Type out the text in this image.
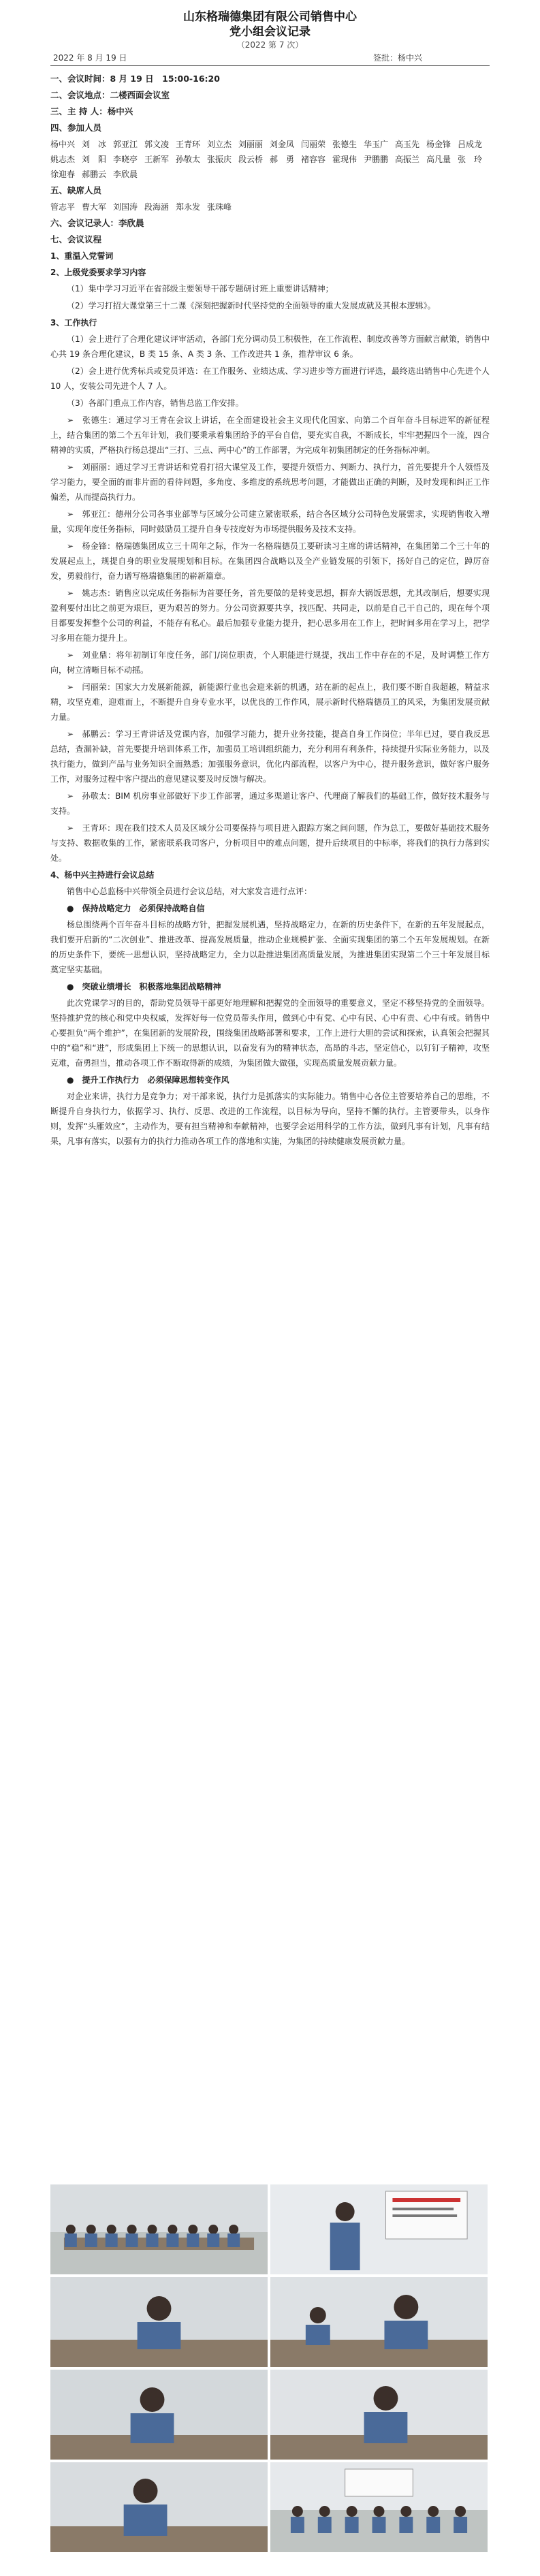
山东格瑞德集团有限公司销售中心
党小组会议记录
（2022 第 7 次）
2022 年 8 月 19 日	签批：杨中兴
一、会议时间：8 月 19 日　15:00-16:20
二、会议地点：二楼西面会议室
三、主 持 人：杨中兴
四、参加人员
杨中兴 刘　冰 郭亚江 郭文凌 王青环 刘立杰 刘丽丽 刘金凤 闫丽荣 张德生 华玉广 高玉先 杨金锋 吕成龙
姚志杰 刘　阳 李晓亭 王新军 孙敬太 张振庆 段云桥 郝　勇 褚容容 霍现伟 尹鹏鹏 高振兰 高凡量 张　玲
徐迎春 郝鹏云 李欣晨
五、缺席人员
管志平 曹大军 刘国涛 段海涵 郑永发 张珠峰
六、会议记录人：李欣晨
七、会议议程
1、重温入党誓词
2、上级党委要求学习内容

（1）集中学习习近平在省部级主要领导干部专题研讨班上重要讲话精神；

（2）学习打招大课堂第三十二课《深刻把握新时代坚持党的全面领导的重大发展成就及其根本逻辑》。

3、工作执行

（1）会上进行了合理化建议评审活动，各部门充分调动员工积极性，在工作流程、制度改善等方面献言献策，销售中心共 19 条合理化建议，B 类 15 条、A 类 3 条、工作改进共 1 条，推荐审议 6 条。

（2）会上进行优秀标兵或党员评选：在工作服务、业绩达成、学习进步等方面进行评选，最终选出销售中心先进个人 10 人，安装公司先进个人 7 人。

（3）各部门重点工作内容，销售总监工作安排。

➢　张德生：通过学习王青在会议上讲话，在全面建设社会主义现代化国家、向第二个百年奋斗目标进军的新征程上，结合集团的第二个五年计划，我们要秉承着集团给予的平台自信，要充实自我，不断成长，牢牢把握四个一流，四合精神的实质，严格执行杨总提出“三打、三点、两中心”的工作部署，为完成年初集团制定的任务指标冲刺。

➢　刘丽丽：通过学习王青讲话和党看打招大课堂及工作，要提升领悟力、判断力、执行力，首先要提升个人领悟及学习能力，要全面的而非片面的看待问题，多角度、多维度的系统思考问题，才能做出正确的判断，及时发现和纠正工作偏差，从而提高执行力。

➢　郭亚江：德州分公司各事业部等与区域分公司建立紧密联系，结合各区域分公司特色发展需求，实现销售收入增量，实现年度任务指标，同时鼓励员工提升自身专技度好为市场提供服务及技术支持。

➢　杨金锋：格瑞德集团成立三十周年之际，作为一名格瑞德员工要研读习主席的讲话精神，在集团第二个三十年的发展起点上，规提自身的职业发展规划和目标。在集团四合战略以及全产业链发展的引领下，扬好自己的定位，踔厉奋发，勇毅前行，奋力谱写格瑞德集团的崭新篇章。

➢　姚志杰：销售应以完成任务指标为首要任务，首先要做的是转变思想，摒弃大锅饭思想，尤其改制后，想要实现盈利要付出比之前更为艰巨，更为艰苦的努力。分公司资源要共享，找匹配、共同走，以前是自己干自己的，现在每个项目都要发挥整个公司的利益，不能存有私心。最后加强专业能力提升，把心思多用在工作上，把时间多用在学习上，把学习多用在能力提升上。

➢　刘业鼎：将年初制订年度任务，部门/岗位职责，个人职能进行规提，找出工作中存在的不足，及时调整工作方向，树立清晰目标不动摇。

➢　闫丽荣：国家大力发展新能源，新能源行业也会迎来新的机遇，站在新的起点上，我们要不断自我超越，精益求精，攻坚克难，迎难而上，不断提升自身专业水平，以优良的工作作风，展示新时代格瑞德员工的风采，为集团发展贡献力量。

➢　郝鹏云：学习王青讲话及党课内容，加强学习能力，提升业务技能，提高自身工作岗位；半年已过，要自我反思总结，查漏补缺，首先要提升培训体系工作，加强员工培训组织能力，充分利用有利条件，持续提升实际业务能力，以及执行能力，做到产品与业务知识全面熟悉；加强服务意识，优化内部流程，以客户为中心，提升服务意识，做好客户服务工作，对服务过程中客户提出的意见建议要及时反馈与解决。

➢　孙敬太：BIM 机房事业部做好下步工作部署，通过多渠道让客户、代理商了解我们的基础工作，做好技术服务与支持。

➢　王青环：现在我们技术人员及区域分公司要保持与项目进入跟踪方案之间问题，作为总工，要做好基础技术服务与支持、数据收集的工作，紧密联系我司客户，分析项目中的难点问题，提升后续项目的中标率，将我们的执行力落到实处。

4、杨中兴主持进行会议总结

销售中心总监杨中兴带领全员进行会议总结，对大家发言进行点评：

●　保持战略定力　必须保持战略自信

杨总围绕两个百年奋斗目标的战略方针，把握发展机遇，坚持战略定力，在新的历史条件下，在新的五年发展起点，我们要开启新的“二次创业”、推进改革、提高发展质量，推动企业规模扩张、全面实现集团的第二个五年发展规划。在新的历史条件下，要统一思想认识，坚持战略定力，全力以赴推进集团高质量发展，为推进集团实现第二个三十年发展目标奠定坚实基础。

●　突破业绩增长　积极落地集团战略精神

此次党课学习的目的，帮助党员领导干部更好地理解和把握党的全面领导的重要意义，坚定不移坚持党的全面领导。坚持推护党的核心和党中央权威，发挥好每一位党员带头作用，做到心中有党、心中有民、心中有责、心中有戒。销售中心要担负“两个维护”，在集团新的发展阶段，围绕集团战略部署和要求，工作上进行大胆的尝试和探索，认真领会把握其中的“稳”和“进”，形成集团上下统一的思想认识，以奋发有为的精神状态，高昂的斗志，坚定信心，以钉钉子精神，攻坚克难，奋勇担当，推动各项工作不断取得新的成绩，为集团做大做强，实现高质量发展贡献力量。

●　提升工作执行力　必须保障思想转变作风

对企业来讲，执行力是竞争力；对干部来说，执行力是抓落实的实际能力。销售中心各位主管要培养自己的思维，不断提升自身执行力，依据学习、执行、反思、改进的工作流程，以目标为导向，坚持不懈的执行。主管要带头，以身作则，发挥“头雁效应”，主动作为，要有担当精神和奉献精神，也要学会运用科学的工作方法，做到凡事有计划，凡事有结果，凡事有落实，以强有力的执行力推动各项工作的落地和实施，为集团的持续健康发展贡献力量。
